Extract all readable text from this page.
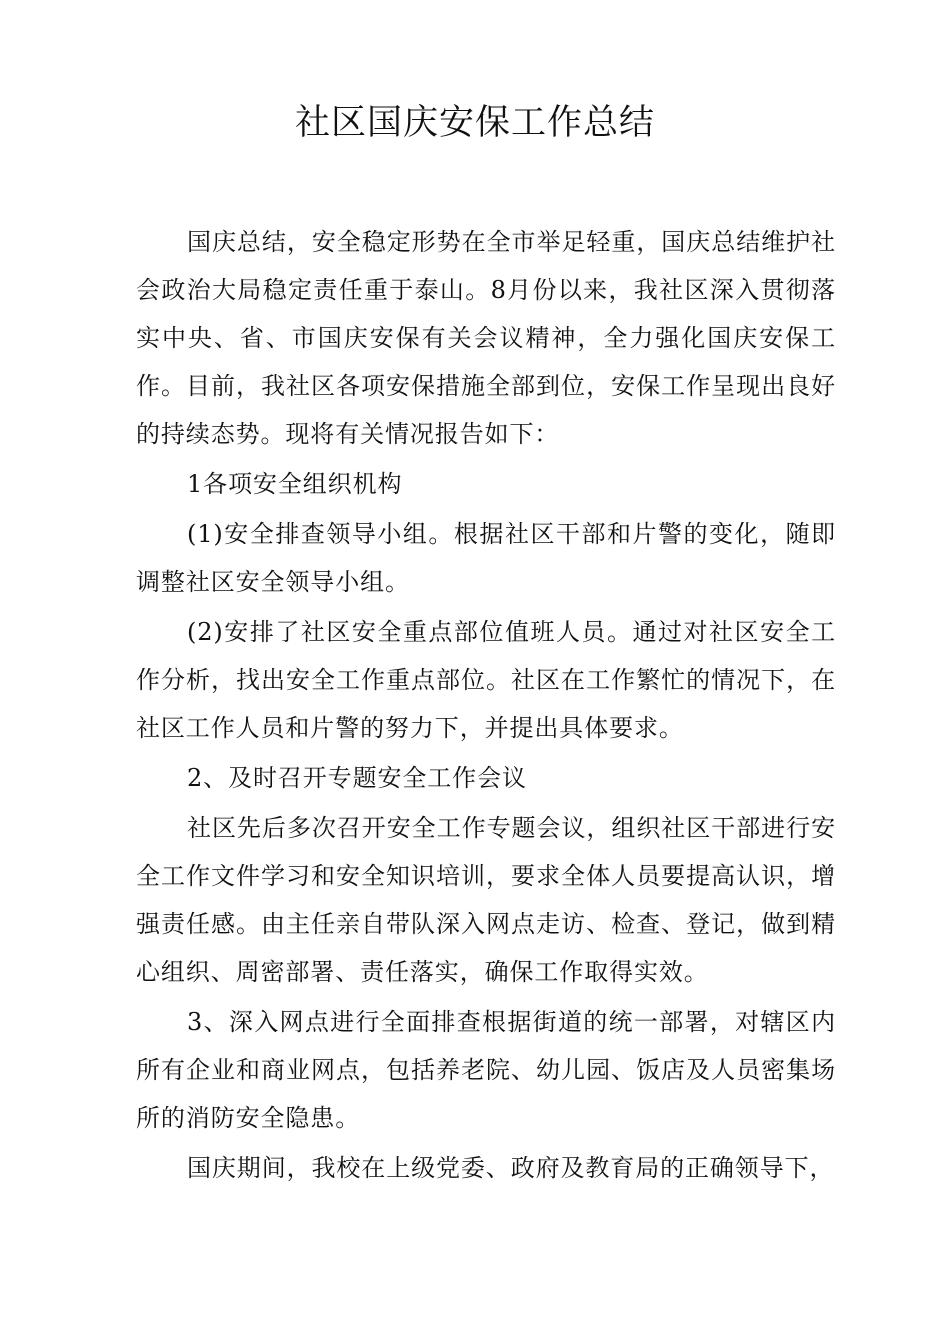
社区国庆安保工作总结

国庆总结，安全稳定形势在全市举足轻重，国庆总结维护社会政治大局稳定责任重于泰山。8月份以来，我社区深入贯彻落实中央、省、市国庆安保有关会议精神，全力强化国庆安保工作。目前，我社区各项安保措施全部到位，安保工作呈现出良好的持续态势。现将有关情况报告如下：

1各项安全组织机构

(1)安全排查领导小组。根据社区干部和片警的变化，随即调整社区安全领导小组。

(2)安排了社区安全重点部位值班人员。通过对社区安全工作分析，找出安全工作重点部位。社区在工作繁忙的情况下，在社区工作人员和片警的努力下，并提出具体要求。

2、及时召开专题安全工作会议

社区先后多次召开安全工作专题会议，组织社区干部进行安全工作文件学习和安全知识培训，要求全体人员要提高认识，增强责任感。由主任亲自带队深入网点走访、检查、登记，做到精心组织、周密部署、责任落实，确保工作取得实效。

3、深入网点进行全面排查根据街道的统一部署，对辖区内所有企业和商业网点，包括养老院、幼儿园、饭店及人员密集场所的消防安全隐患。

国庆期间，我校在上级党委、政府及教育局的正确领导下，
